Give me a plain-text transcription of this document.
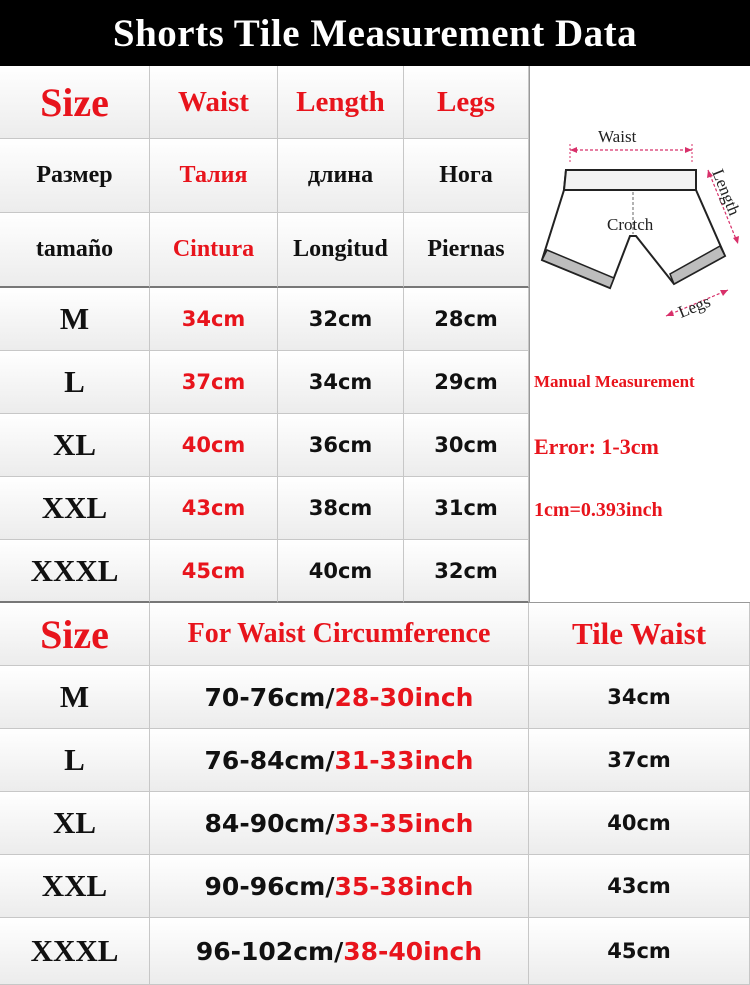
Shorts Tile Measurement Data
Size	Waist	Length	Legs
Размер	Талия	длина	Нога
tamaño	Cintura	Longitud	Piernas
M	34cm	32cm	28cm
L	37cm	34cm	29cm
XL	40cm	36cm	30cm
XXL	43cm	38cm	31cm
XXXL	45cm	40cm	32cm
Waist
Crotch
Length
Legs
Manual Measurement
Error: 1-3cm
1cm=0.393inch
Size	For Waist Circumference	Tile Waist
M	70-76cm/ 28-30inch	34cm
L	76-84cm/ 31-33inch	37cm
XL	84-90cm/ 33-35inch	40cm
XXL	90-96cm/ 35-38inch	43cm
XXXL	96-102cm/ 38-40inch	45cm
